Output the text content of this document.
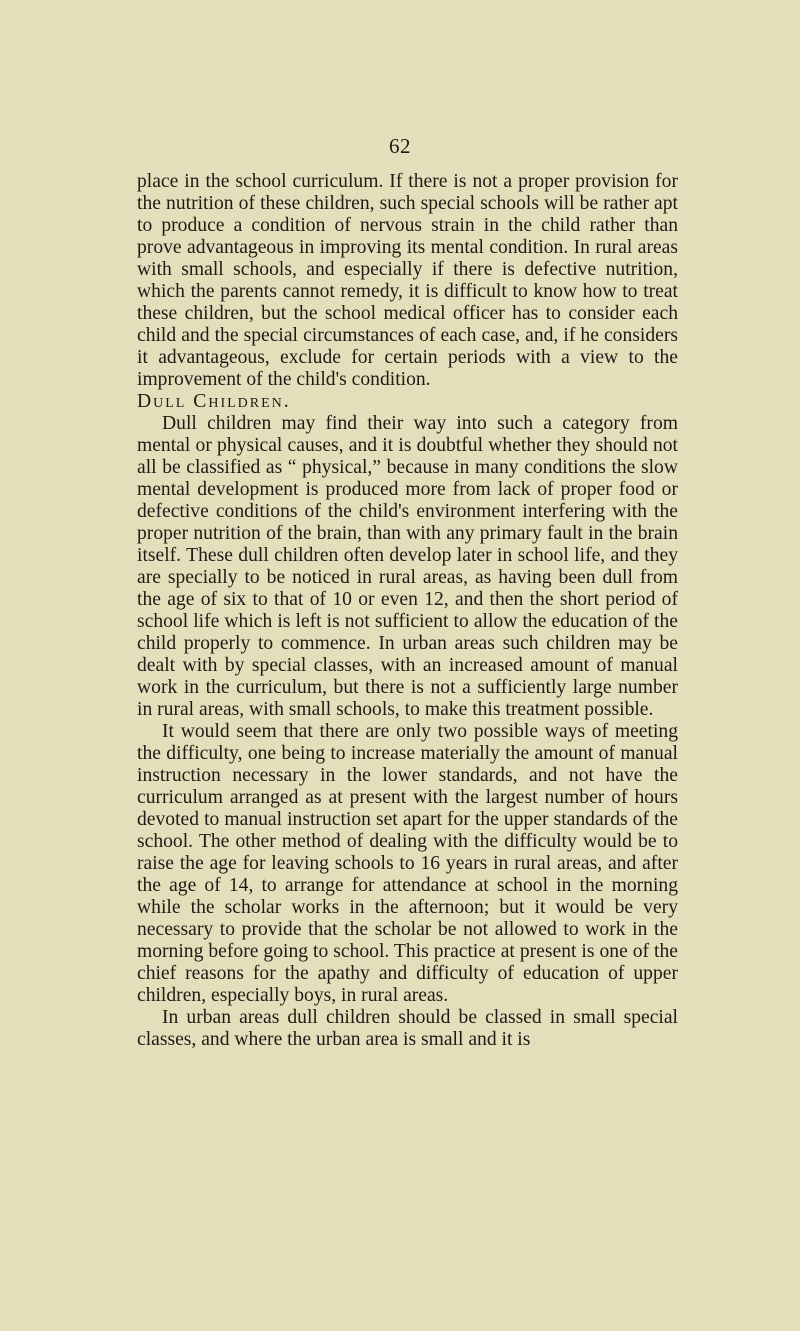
62

place in the school curriculum. If there is not a proper provision for the nutrition of these children, such special schools will be rather apt to produce a condition of nervous strain in the child rather than prove advantageous in improving its mental condition. In rural areas with small schools, and especially if there is defective nutrition, which the parents cannot remedy, it is difficult to know how to treat these children, but the school medical officer has to consider each child and the special circumstances of each case, and, if he considers it advantageous, exclude for certain periods with a view to the improvement of the child's condition.

Dull Children.

Dull children may find their way into such a category from mental or physical causes, and it is doubtful whether they should not all be classified as “ physical,” because in many conditions the slow mental development is produced more from lack of proper food or defective conditions of the child's environment interfering with the proper nutrition of the brain, than with any primary fault in the brain itself. These dull children often develop later in school life, and they are specially to be noticed in rural areas, as having been dull from the age of six to that of 10 or even 12, and then the short period of school life which is left is not sufficient to allow the education of the child properly to commence. In urban areas such children may be dealt with by special classes, with an increased amount of manual work in the curriculum, but there is not a sufficiently large number in rural areas, with small schools, to make this treatment possible.

It would seem that there are only two possible ways of meeting the difficulty, one being to increase materially the amount of manual instruction necessary in the lower standards, and not have the curriculum arranged as at present with the largest number of hours devoted to manual instruction set apart for the upper standards of the school. The other method of dealing with the difficulty would be to raise the age for leaving schools to 16 years in rural areas, and after the age of 14, to arrange for attendance at school in the morning while the scholar works in the afternoon; but it would be very necessary to provide that the scholar be not allowed to work in the morning before going to school. This practice at present is one of the chief reasons for the apathy and difficulty of education of upper children, especially boys, in rural areas.

In urban areas dull children should be classed in small special classes, and where the urban area is small and it is
